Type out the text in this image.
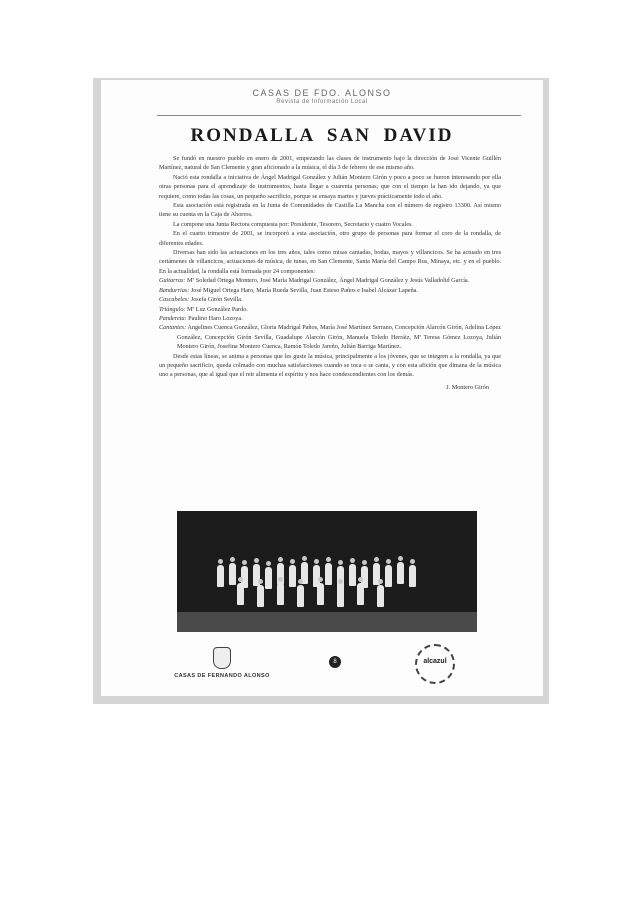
CASAS DE FDO. ALONSO
Revista de Información Local
RONDALLA SAN DAVID

Se fundó en nuestro pueblo en enero de 2001, empezando las clases de instrumento bajo la dirección de José Vicente Guillén Martínez, natural de San Clemente y gran aficionado a la música, el día 3 de febrero de ese mismo año.

Nació esta rondalla a iniciativa de Ángel Madrigal González y Julián Montero Girón y poco a poco se fueron interesando por ella otras personas para el aprendizaje de instrumentos, hasta llegar a cuarenta personas; que con el tiempo la han ido dejando, ya que requiere, como todas las cosas, un pequeño sacrificio, porque se ensaya martes y jueves prácticamente todo el año.

Esta asociación está registrada en la Junta de Comunidades de Castilla La Mancha con el número de registro 13300. Así mismo tiene su cuenta en la Caja de Ahorros.

La compone una Junta Rectora compuesta por: Presidente, Tesorero, Secretario y cuatro Vocales.

En el cuarto trimestre de 2001, se incorporó a esta asociación, otro grupo de personas para formar el coro de la rondalla, de diferentes edades.

Diversas han sido las actuaciones en los tres años, tales como misas cantadas, bodas, mayos y villancicos. Se ha actuado en tres certámenes de villancicos, actuaciones de música, de tunas, en San Clemente, Santa María del Campo Rus, Minaya, etc. y en el pueblo. En la actualidad, la rondalla está formada por 24 componentes:

Guitarras: Mª Soledad Ortega Montero, José María Madrigal González, Ángel Madrigal González y Jesús Valladolid García.

Bandurrias: José Miguel Ortega Haro, María Rueda Sevilla, Juan Esteso Paños e Isabel Alcázar Lapeña.

Cascabeles: Josefa Girón Sevilla.

Triángulo: Mª Luz González Pardo.

Pandereta: Paulino Haro Lozoya.

Cantantes: Angelines Cuenca González, Gloria Madrigal Paños, María José Martínez Serrano, Concepción Alarcón Girón, Adelina López González, Concepción Girón Sevilla, Guadalupe Alarcón Girón, Manuela Toledo Herráiz, Mª Teresa Gómez Lozoya, Julián Montero Girón, Josefina Montero Cuenca, Ramón Toledo Jareño, Julián Barriga Martínez.

Desde estas líneas, se anima a personas que les guste la música, principalmente a los jóvenes, que se integren a la rondalla, ya que un pequeño sacrificio, queda colmado con muchas satisfacciones cuando se toca o se canta, y con esta afición que dimana de la música uno a personas, que al igual que el reir alimenta el espíritu y nos hace condescendientes con los demás.

J. Montero Girón
CASAS DE FERNANDO ALONSO
8	alcazul
